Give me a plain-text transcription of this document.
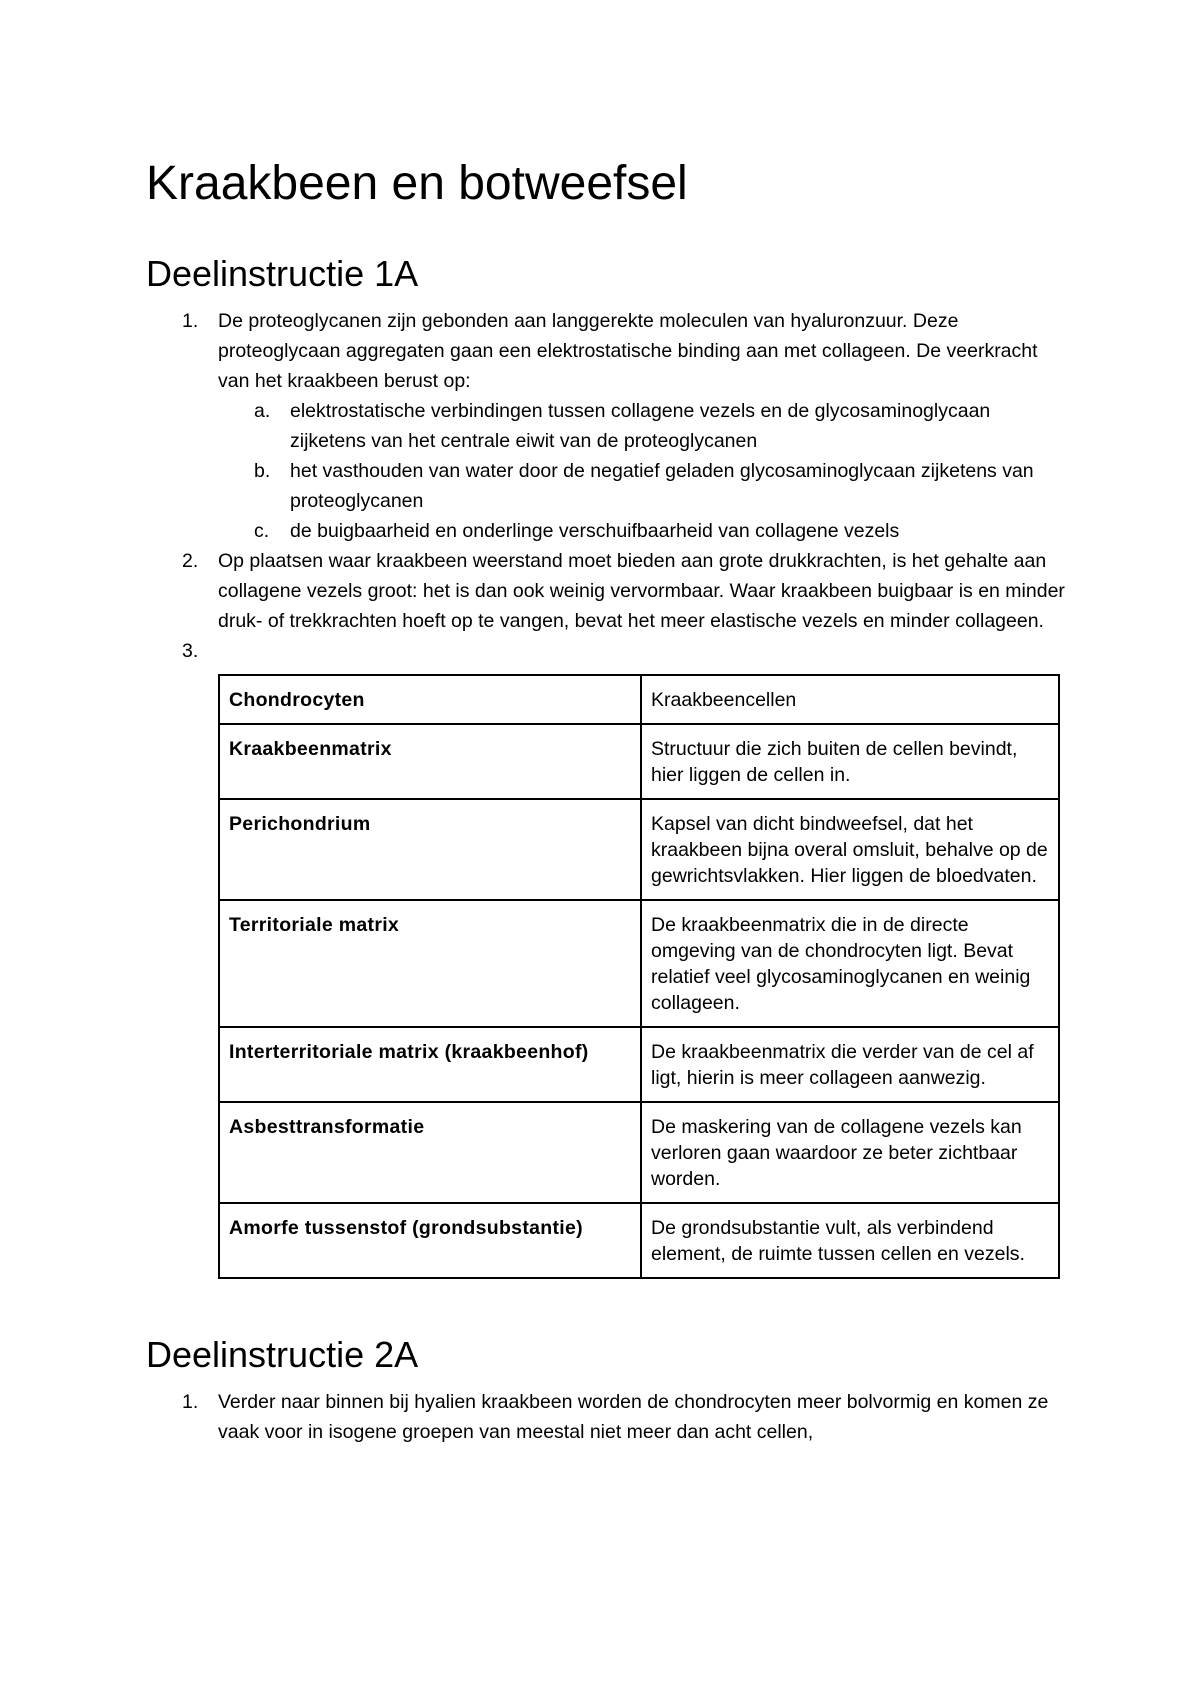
Kraakbeen en botweefsel
Deelinstructie 1A
1. De proteoglycanen zijn gebonden aan langgerekte moleculen van hyaluronzuur. Deze proteoglycaan aggregaten gaan een elektrostatische binding aan met collageen. De veerkracht van het kraakbeen berust op:
a. elektrostatische verbindingen tussen collagene vezels en de glycosaminoglycaan zijketens van het centrale eiwit van de proteoglycanen
b. het vasthouden van water door de negatief geladen glycosaminoglycaan zijketens van proteoglycanen
c. de buigbaarheid en onderlinge verschuifbaarheid van collagene vezels
2. Op plaatsen waar kraakbeen weerstand moet bieden aan grote drukkrachten, is het gehalte aan collagene vezels groot: het is dan ook weinig vervormbaar. Waar kraakbeen buigbaar is en minder druk- of trekkrachten hoeft op te vangen, bevat het meer elastische vezels en minder collageen.
3.

Chondrocyten	Kraakbeencellen
Kraakbeenmatrix	Structuur die zich buiten de cellen bevindt, hier liggen de cellen in.
Perichondrium	Kapsel van dicht bindweefsel, dat het kraakbeen bijna overal omsluit, behalve op de gewrichtsvlakken. Hier liggen de bloedvaten.
Territoriale matrix	De kraakbeenmatrix die in de directe omgeving van de chondrocyten ligt. Bevat relatief veel glycosaminoglycanen en weinig collageen.
Interterritoriale matrix (kraakbeenhof)	De kraakbeenmatrix die verder van de cel af ligt, hierin is meer collageen aanwezig.
Asbesttransformatie	De maskering van de collagene vezels kan verloren gaan waardoor ze beter zichtbaar worden.
Amorfe tussenstof (grondsubstantie)	De grondsubstantie vult, als verbindend element, de ruimte tussen cellen en vezels.
Deelinstructie 2A
1. Verder naar binnen bij hyalien kraakbeen worden de chondrocyten meer bolvormig en komen ze vaak voor in isogene groepen van meestal niet meer dan acht cellen,
